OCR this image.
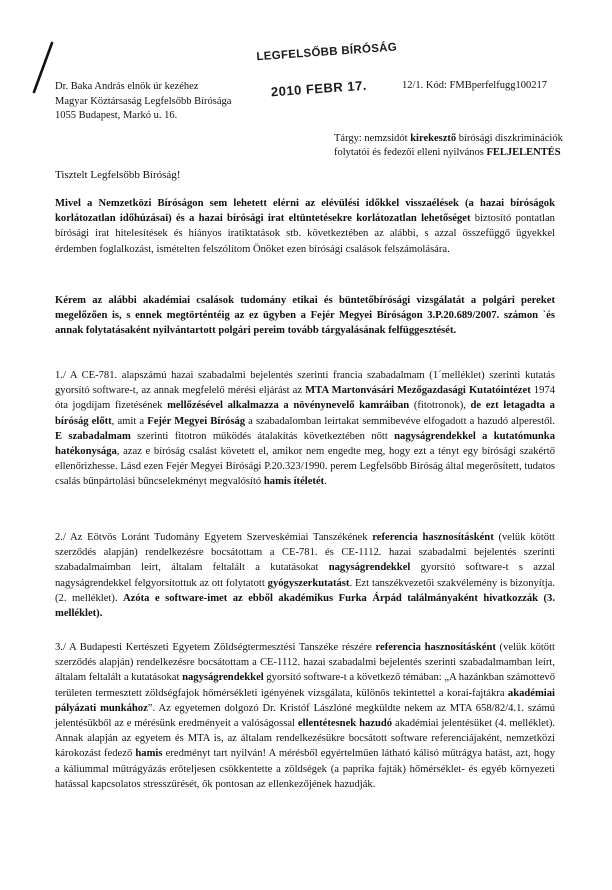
LEGFELSŐBB BÍRÓSÁG
2010 FEBR 17.	12/1. Kód: FMBperfelfugg100217
Dr. Baka András elnök úr kezéhez
Magyar Köztársaság Legfelsőbb Bírósága
1055 Budapest, Markó u. 16.
Tárgy: nemzsidót kirekesztő bírósági diszkriminációk
folytatói és fedezői elleni nyilvános FELJELENTÉS
Tisztelt Legfelsőbb Bíróság!
Mivel a Nemzetközi Bíróságon sem lehetett elérni az elévülési időkkel visszaélések (a hazai bíróságok korlátozatlan időhúzásai) és a hazai bírósági irat eltüntetésekre korlátozatlan lehetőséget biztosító pontatlan bírósági irat hitelesítések és hiányos iratiktatások stb. következtében az alábbi, s azzal összefüggő ügyekkel érdemben foglalkozást, ismételten felszólítom Önöket ezen bírósági csalások felszámolására.
Kérem az alábbi akadémiai csalások tudomány etikai és büntetőbírósági vizsgálatát a polgári pereket megelőzően is, s ennek megtörténtéig az ez ügyben a Fejér Megyei Bíróságon 3.P.20.689/2007. számon `és annak folytatásaként nyilvántartott polgári pereim tovább tárgyalásának felfüggesztését.
1./ A CE-781. alapszámú hazai szabadalmi bejelentés szerinti francia szabadalmam (1´melléklet) szerinti kutatás gyorsító software-t, az annak megfelelő mérési eljárást az MTA Martonvásári Mezőgazdasági Kutatóintézet 1974 óta jogdíjam fizetésének mellőzésével alkalmazza a növénynevelő kamráiban (fitotronok), de ezt letagadta a bíróság előtt, amit a Fejér Megyei Bíróság a szabadalomban leírtakat semmibevéve elfogadott a hazudó alperestől. E szabadalmam szerinti fitotron működés átalakítás következtében nőtt nagyságrendekkel a kutatómunka hatékonysága, azaz e bíróság csalást követett el, amikor nem engedte meg, hogy ezt a tényt egy bírósági szakértő ellenőrizhesse. Lásd ezen Fejér Megyei Bírósági P.20.323/1990. perem Legfelsőbb Bíróság által megerősített, tudatos csalás bűnpártolási bűncselekményt megvalósító hamis ítéletét.
2./ Az Eötvös Loránt Tudomány Egyetem Szerveskémiai Tanszékének referencia hasznosításként (velük kötött szerződés alapján) rendelkezésre bocsátottam a CE-781. és CE-1112. hazai szabadalmi bejelentés szerinti szabadalmaimban leírt, általam feltalált a kutatásokat nagyságrendekkel gyorsító software-t s azzal nagyságrendekkel felgyorsítottuk az ott folytatott gyógyszerkutatást. Ezt tanszékvezetői szakvélemény is bizonyítja. (2. melléklet). Azóta e software-imet az ebből akadémikus Furka Árpád találmányaként hivatkozzák (3. melléklet).
3./ A Budapesti Kertészeti Egyetem Zöldségtermesztési Tanszéke részére referencia hasznosításként (velük kötött szerződés alapján) rendelkezésre bocsátottam a CE-1112. hazai szabadalmi bejelentés szerinti szabadalmamban leírt, általam feltalált a kutatásokat nagyságrendekkel gyorsító software-t a következő témában: „A hazánkban számottevő területen termesztett zöldségfajok hőmérsékleti igényének vizsgálata, különös tekintettel a korai-fajtákra akadémiai pályázati munkához”. Az egyetemen dolgozó Dr. Kristóf Lászlóné megküldte nekem az MTA 658/82/4.1. számú jelentésükből az e mérésünk eredményeit a valóságossal ellentétesnek hazudó akadémiai jelentésüket (4. melléklet). Annak alapján az egyetem és MTA is, az általam rendelkezésükre bocsátott software referenciájaként, nemzetközi károkozást fedező hamis eredményt tart nyilván! A mérésből egyértelműen látható kálisó műtrágya hatást, azt, hogy a káliummal műtrágyázás erőteljesen csökkentette a zöldségek (a paprika fajták) hőmérséklet- és egyéb környezeti hatással kapcsolatos stresszűrését, ők pontosan az ellenkezőjének hazudják.
